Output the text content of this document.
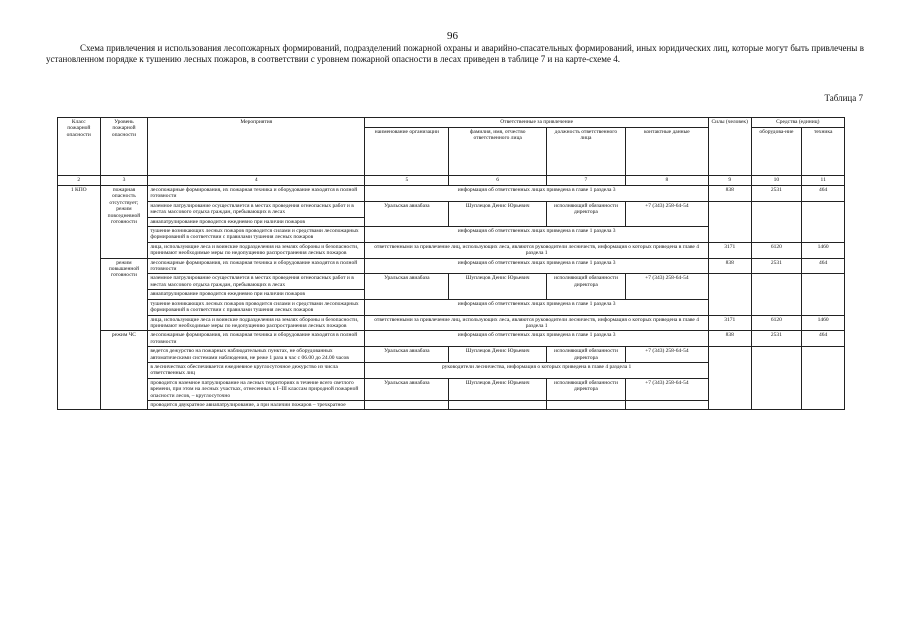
96

Схема привлечения и использования лесопожарных формирований, подразделений пожарной охраны и аварийно-спасательных формирований, иных юридических лиц, которые могут быть привлечены в установленном порядке к тушению лесных пожаров, в соответствии с уровнем пожарной опасности в лесах приведен в таблице 7 и на карте-схеме 4.

Таблица 7
Класс пожарной опасности	Уровень пожарной опасности	Мероприятия	Ответственные за привлечение				Силы (человек)	Средства (единиц)	
			наименование организации	фамилия, имя, отчество ответственного лица	должность ответственного лица	контактные данные		оборудова-ние	техника
2	3	4	5	6	7	8	9	10	11
1 КПО	пожарная опасность отсутствует; режим повседневной готовности	лесопожарные формирования, их пожарная техника и оборудование находятся в полной готовности	информация об ответственных лицах приведена в главе 1 раздела 3				838	2531	464
		наземное патрулирование осуществляется в местах проведения огнеопасных работ и в местах массового отдыха граждан, пребывающих в лесах	Уральская авиабаза	Шуплецов Денис Юрьевич	исполняющий обязанности директора	+7 (343) 258-64-54			
		авиапатрулирование проводится ежедневно при наличии пожаров							
		тушение возникающих лесных пожаров проводится силами и средствами лесопожарных формирований в соответствии с правилами тушения лесных пожаров	информация об ответственных лицах приведена в главе 1 раздела 3						
		лица, использующие леса и воинские подразделения на землях обороны и безопасности, принимают необходимые меры по недопущению распространения лесных пожаров	ответственными за привлечение лиц, использующих леса, являются руководители лесничеств, информация о которых приведена в главе 4 раздела 1				3171	6120	1460
	режим повышенной готовности	лесопожарные формирования, их пожарная техника и оборудование находятся в полной готовности	информация об ответственных лицах приведена в главе 1 раздела 3				838	2531	464
		наземное патрулирование осуществляется в местах проведения огнеопасных работ и в местах массового отдыха граждан, пребывающих в лесах	Уральская авиабаза	Шуплецов Денис Юрьевич	исполняющий обязанности директора	+7 (343) 258-64-54			
		авиапатрулирование проводится ежедневно при наличии пожаров							
		тушение возникающих лесных пожаров проводится силами и средствами лесопожарных формирований в соответствии с правилами тушения лесных пожаров	информация об ответственных лицах приведена в главе 1 раздела 3						
		лица, использующие леса и воинские подразделения на землях обороны и безопасности, принимают необходимые меры по недопущению распространения лесных пожаров	ответственными за привлечение лиц, использующих леса, являются руководители лесничеств, информация о которых приведена в главе 4 раздела 1				3171	6120	1460
	режим ЧС	лесопожарные формирования, их пожарная техника и оборудование находятся в полной готовности	информация об ответственных лицах приведена в главе 1 раздела 3				838	2531	464
		ведется дежурство на пожарных наблюдательных пунктах, не оборудованных автоматическими системами наблюдения, не реже 1 раза в час с 06.00 до 24.00 часов	Уральская авиабаза	Шуплецов Денис Юрьевич	исполняющий обязанности директора	+7 (343) 258-64-54			
		в лесничествах обеспечивается ежедневное круглосуточное дежурство из числа ответственных лиц	руководители лесничества, информация о которых приведена в главе 4 раздела 1						
		проводится наземное патрулирование на лесных территориях в течение всего светлого времени, при этом на лесных участках, отнесенных к I–III классам природной пожарной опасности лесов, – круглосуточно	Уральская авиабаза	Шуплецов Денис Юрьевич	исполняющий обязанности директора	+7 (343) 258-64-54			
		проводится двукратное авиапатрулирование, а при наличии пожаров – трехкратное							
